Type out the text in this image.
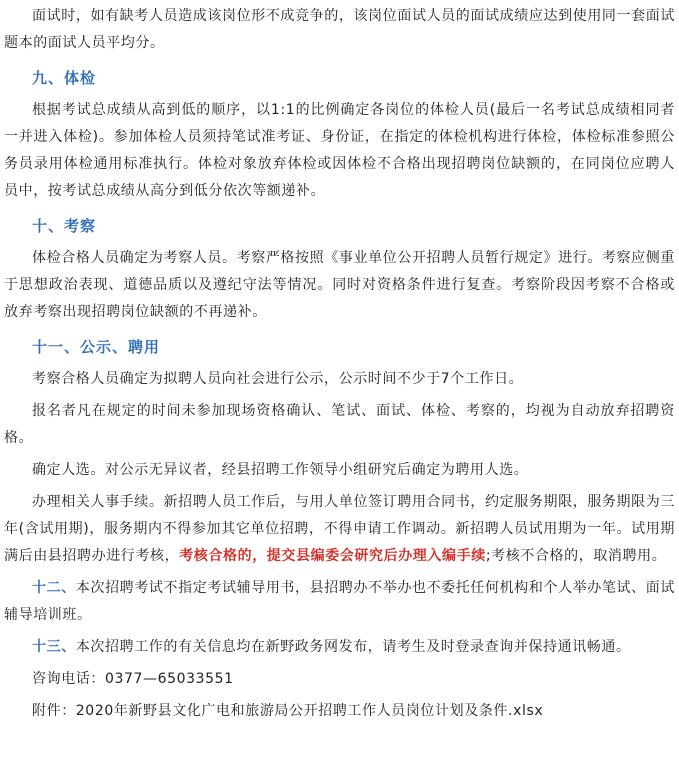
面试时，如有缺考人员造成该岗位形不成竞争的，该岗位面试人员的面试成绩应达到使用同一套面试题本的面试人员平均分。

九、体检

根据考试总成绩从高到低的顺序，以1:1的比例确定各岗位的体检人员(最后一名考试总成绩相同者一并进入体检)。参加体检人员须持笔试准考证、身份证，在指定的体检机构进行体检，体检标准参照公务员录用体检通用标准执行。体检对象放弃体检或因体检不合格出现招聘岗位缺额的，在同岗位应聘人员中，按考试总成绩从高分到低分依次等额递补。

十、考察

体检合格人员确定为考察人员。考察严格按照《事业单位公开招聘人员暂行规定》进行。考察应侧重于思想政治表现、道德品质以及遵纪守法等情况。同时对资格条件进行复查。考察阶段因考察不合格或放弃考察出现招聘岗位缺额的不再递补。

十一、公示、聘用

考察合格人员确定为拟聘人员向社会进行公示，公示时间不少于7个工作日。

报名者凡在规定的时间未参加现场资格确认、笔试、面试、体检、考察的，均视为自动放弃招聘资格。

确定人选。对公示无异议者，经县招聘工作领导小组研究后确定为聘用人选。

办理相关人事手续。新招聘人员工作后，与用人单位签订聘用合同书，约定服务期限，服务期限为三年(含试用期)，服务期内不得参加其它单位招聘，不得申请工作调动。新招聘人员试用期为一年。试用期满后由县招聘办进行考核，考核合格的，提交县编委会研究后办理入编手续;考核不合格的，取消聘用。

十二、本次招聘考试不指定考试辅导用书，县招聘办不举办也不委托任何机构和个人举办笔试、面试辅导培训班。

十三、本次招聘工作的有关信息均在新野政务网发布，请考生及时登录查询并保持通讯畅通。

咨询电话：0377—65033551

附件：2020年新野县文化广电和旅游局公开招聘工作人员岗位计划及条件.xlsx
